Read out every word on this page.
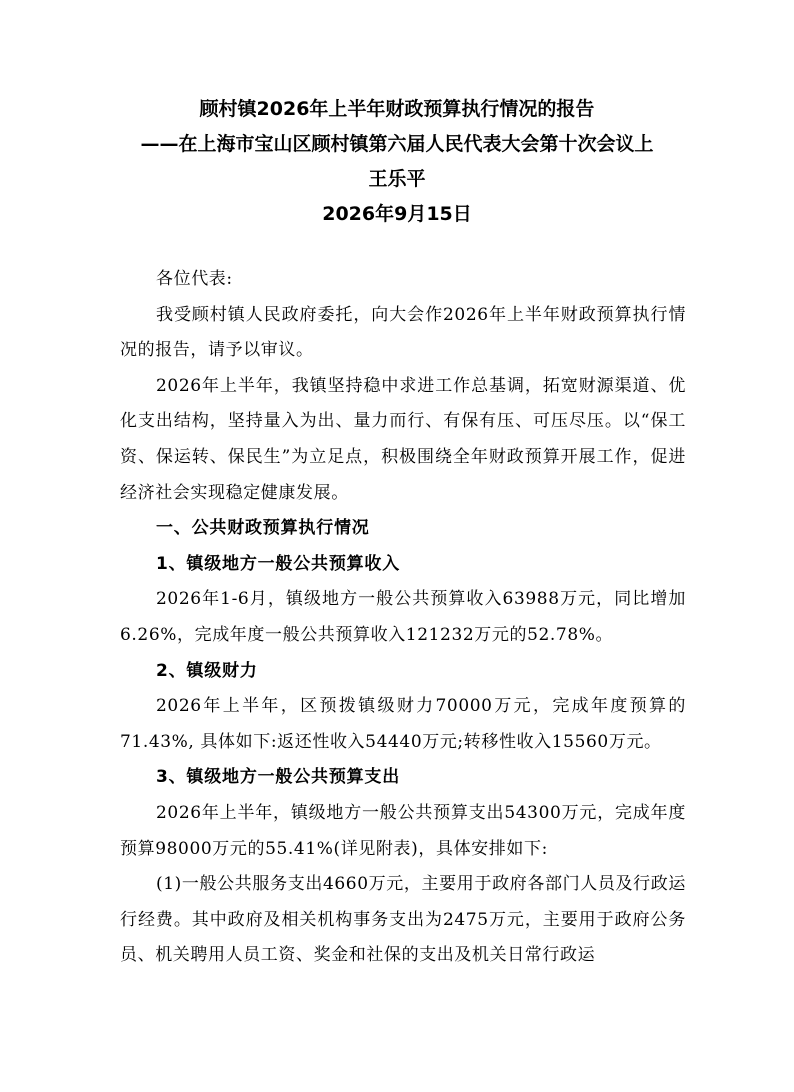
顾村镇2026年上半年财政预算执行情况的报告
——在上海市宝山区顾村镇第六届人民代表大会第十次会议上
王乐平
2026年9月15日

各位代表:

我受顾村镇人民政府委托，向大会作2026年上半年财政预算执行情况的报告，请予以审议。

2026年上半年，我镇坚持稳中求进工作总基调，拓宽财源渠道、优化支出结构，坚持量入为出、量力而行、有保有压、可压尽压。以“保工资、保运转、保民生”为立足点，积极围绕全年财政预算开展工作，促进经济社会实现稳定健康发展。

一、公共财政预算执行情况

1、镇级地方一般公共预算收入

2026年1-6月，镇级地方一般公共预算收入63988万元，同比增加6.26%，完成年度一般公共预算收入121232万元的52.78%。

2、镇级财力

2026年上半年，区预拨镇级财力70000万元，完成年度预算的71.43%, 具体如下:返还性收入54440万元;转移性收入15560万元。

3、镇级地方一般公共预算支出

2026年上半年，镇级地方一般公共预算支出54300万元，完成年度预算98000万元的55.41%(详见附表)，具体安排如下:

(1)一般公共服务支出4660万元，主要用于政府各部门人员及行政运行经费。其中政府及相关机构事务支出为2475万元，主要用于政府公务员、机关聘用人员工资、奖金和社保的支出及机关日常行政运
